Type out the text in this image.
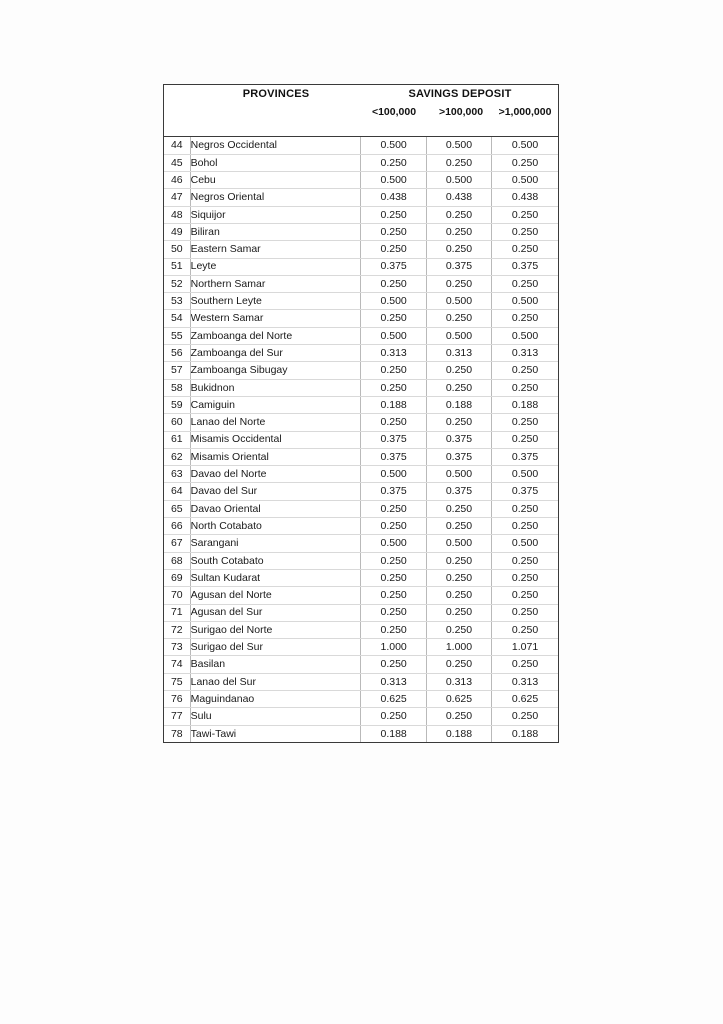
PROVINCES	SAVINGS DEPOSIT
<100,000	>100,000	>1,000,000
44	Negros Occidental	0.500	0.500	0.500
45	Bohol	0.250	0.250	0.250
46	Cebu	0.500	0.500	0.500
47	Negros Oriental	0.438	0.438	0.438
48	Siquijor	0.250	0.250	0.250
49	Biliran	0.250	0.250	0.250
50	Eastern Samar	0.250	0.250	0.250
51	Leyte	0.375	0.375	0.375
52	Northern Samar	0.250	0.250	0.250
53	Southern Leyte	0.500	0.500	0.500
54	Western Samar	0.250	0.250	0.250
55	Zamboanga del Norte	0.500	0.500	0.500
56	Zamboanga del Sur	0.313	0.313	0.313
57	Zamboanga Sibugay	0.250	0.250	0.250
58	Bukidnon	0.250	0.250	0.250
59	Camiguin	0.188	0.188	0.188
60	Lanao del Norte	0.250	0.250	0.250
61	Misamis Occidental	0.375	0.375	0.250
62	Misamis Oriental	0.375	0.375	0.375
63	Davao del Norte	0.500	0.500	0.500
64	Davao del Sur	0.375	0.375	0.375
65	Davao Oriental	0.250	0.250	0.250
66	North Cotabato	0.250	0.250	0.250
67	Sarangani	0.500	0.500	0.500
68	South Cotabato	0.250	0.250	0.250
69	Sultan Kudarat	0.250	0.250	0.250
70	Agusan del Norte	0.250	0.250	0.250
71	Agusan del Sur	0.250	0.250	0.250
72	Surigao del Norte	0.250	0.250	0.250
73	Surigao del Sur	1.000	1.000	1.071
74	Basilan	0.250	0.250	0.250
75	Lanao del Sur	0.313	0.313	0.313
76	Maguindanao	0.625	0.625	0.625
77	Sulu	0.250	0.250	0.250
78	Tawi-Tawi	0.188	0.188	0.188
